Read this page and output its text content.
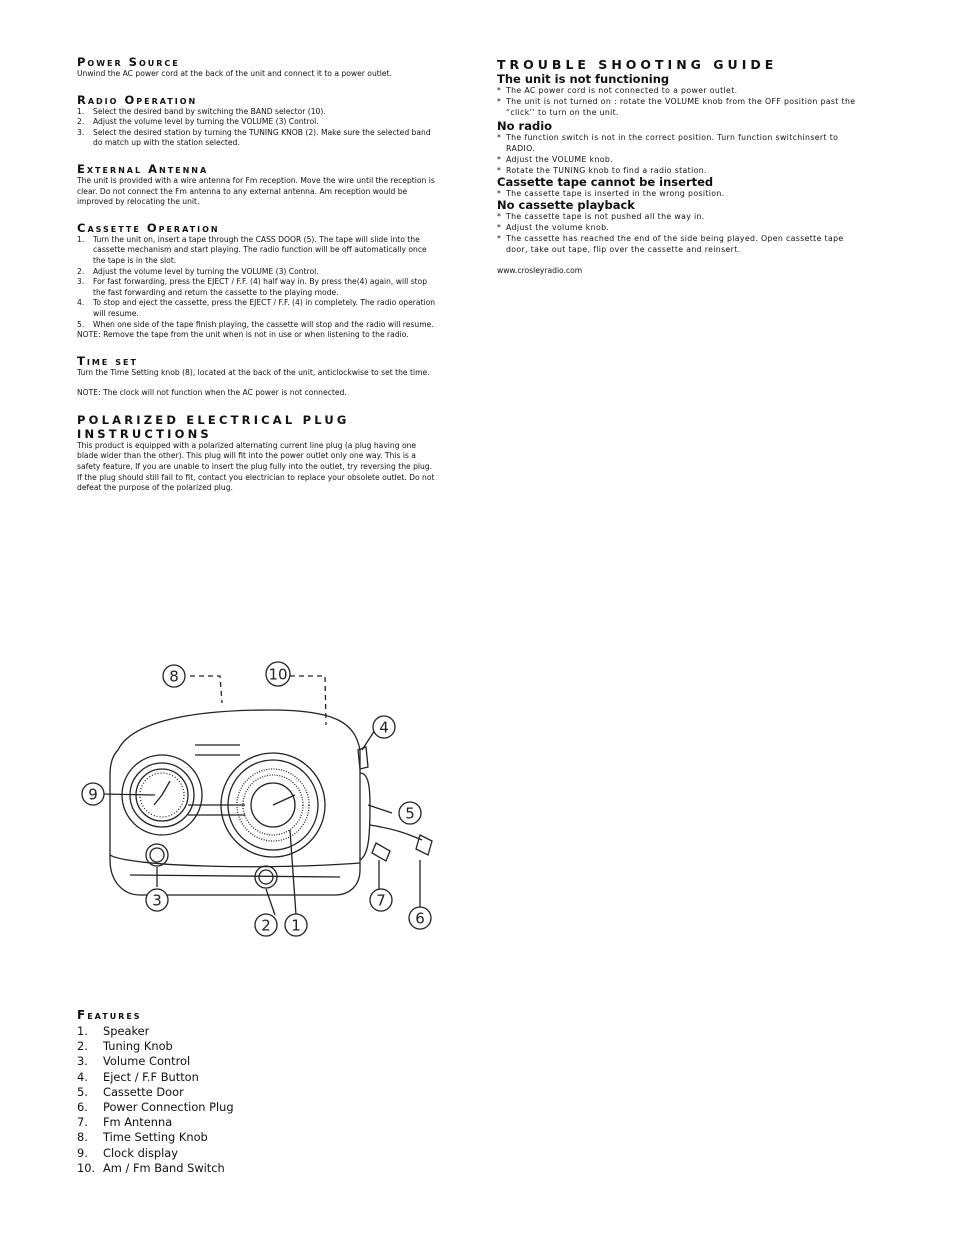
Power Source

Unwind the AC power cord at the back of the unit and connect it to a power outlet.

Radio Operation
1. Select the desired band by switching the BAND selector (10).
2. Adjust the volume level by turning the VOLUME (3) Control.
3. Select the desired station by turning the TUNING KNOB (2). Make sure the selected band do match up with the station selected.
External Antenna

The unit is provided with a wire antenna for Fm reception. Move the wire until the reception is clear. Do not connect the Fm antenna to any external antenna. Am reception would be improved by relocating the unit.

Cassette Operation
1. Turn the unit on, insert a tape through the CASS DOOR (5). The tape will slide into the cassette mechanism and start playing. The radio function will be off automatically once the tape is in the slot.
2. Adjust the volume level by turning the VOLUME (3) Control.
3. For fast forwarding, press the EJECT / F.F. (4) half way in. By press the(4) again, will stop the fast forwarding and return the cassette to the playing mode.
4. To stop and eject the cassette, press the EJECT / F.F. (4) in completely. The radio operation will resume.
5. When one side of the tape finish playing, the cassette will stop and the radio will resume.

NOTE: Remove the tape from the unit when is not in use or when listening to the radio.

Time set

Turn the Time Setting knob (8), located at the back of the unit, anticlockwise to set the time.

NOTE: The clock will not function when the AC power is not connected.

POLARIZED ELECTRICAL PLUG
INSTRUCTIONS

This product is equipped with a polarized alternating current line plug (a plug having one blade wider than the other). This plug will fit into the power outlet only one way. This is a safety feature, If you are unable to insert the plug fully into the outlet, try reversing the plug. If the plug should still fail to fit, contact you electrician to replace your obsolete outlet. Do not defeat the purpose of the polarized plug.

TROUBLE SHOOTING GUIDE

The unit is not functioning

* The AC power cord is not connected to a power outlet.

* The unit is not turned on : rotate the VOLUME knob from the OFF position past the “click’’ to turn on the unit.

No radio

* The function switch is not in the correct position. Turn function switchinsert to RADIO.

* Adjust the VOLUME knob.

* Rotate the TUNING knob to find a radio station.

Cassette tape cannot be inserted

* The cassette tape is inserted in the wrong position.

No cassette playback

* The cassette tape is not pushed all the way in.

* Adjust the volume knob.

* The cassette has reached the end of the side being played. Open cassette tape door, take out tape, flip over the cassette and reinsert.

www.crosleyradio.com

8	10
4
9
5
3	7
2 1	6
Features
1. Speaker
2. Tuning Knob
3. Volume Control
4. Eject / F.F Button
5. Cassette Door
6. Power Connection Plug
7. Fm Antenna
8. Time Setting Knob
9. Clock display
10. Am / Fm Band Switch
